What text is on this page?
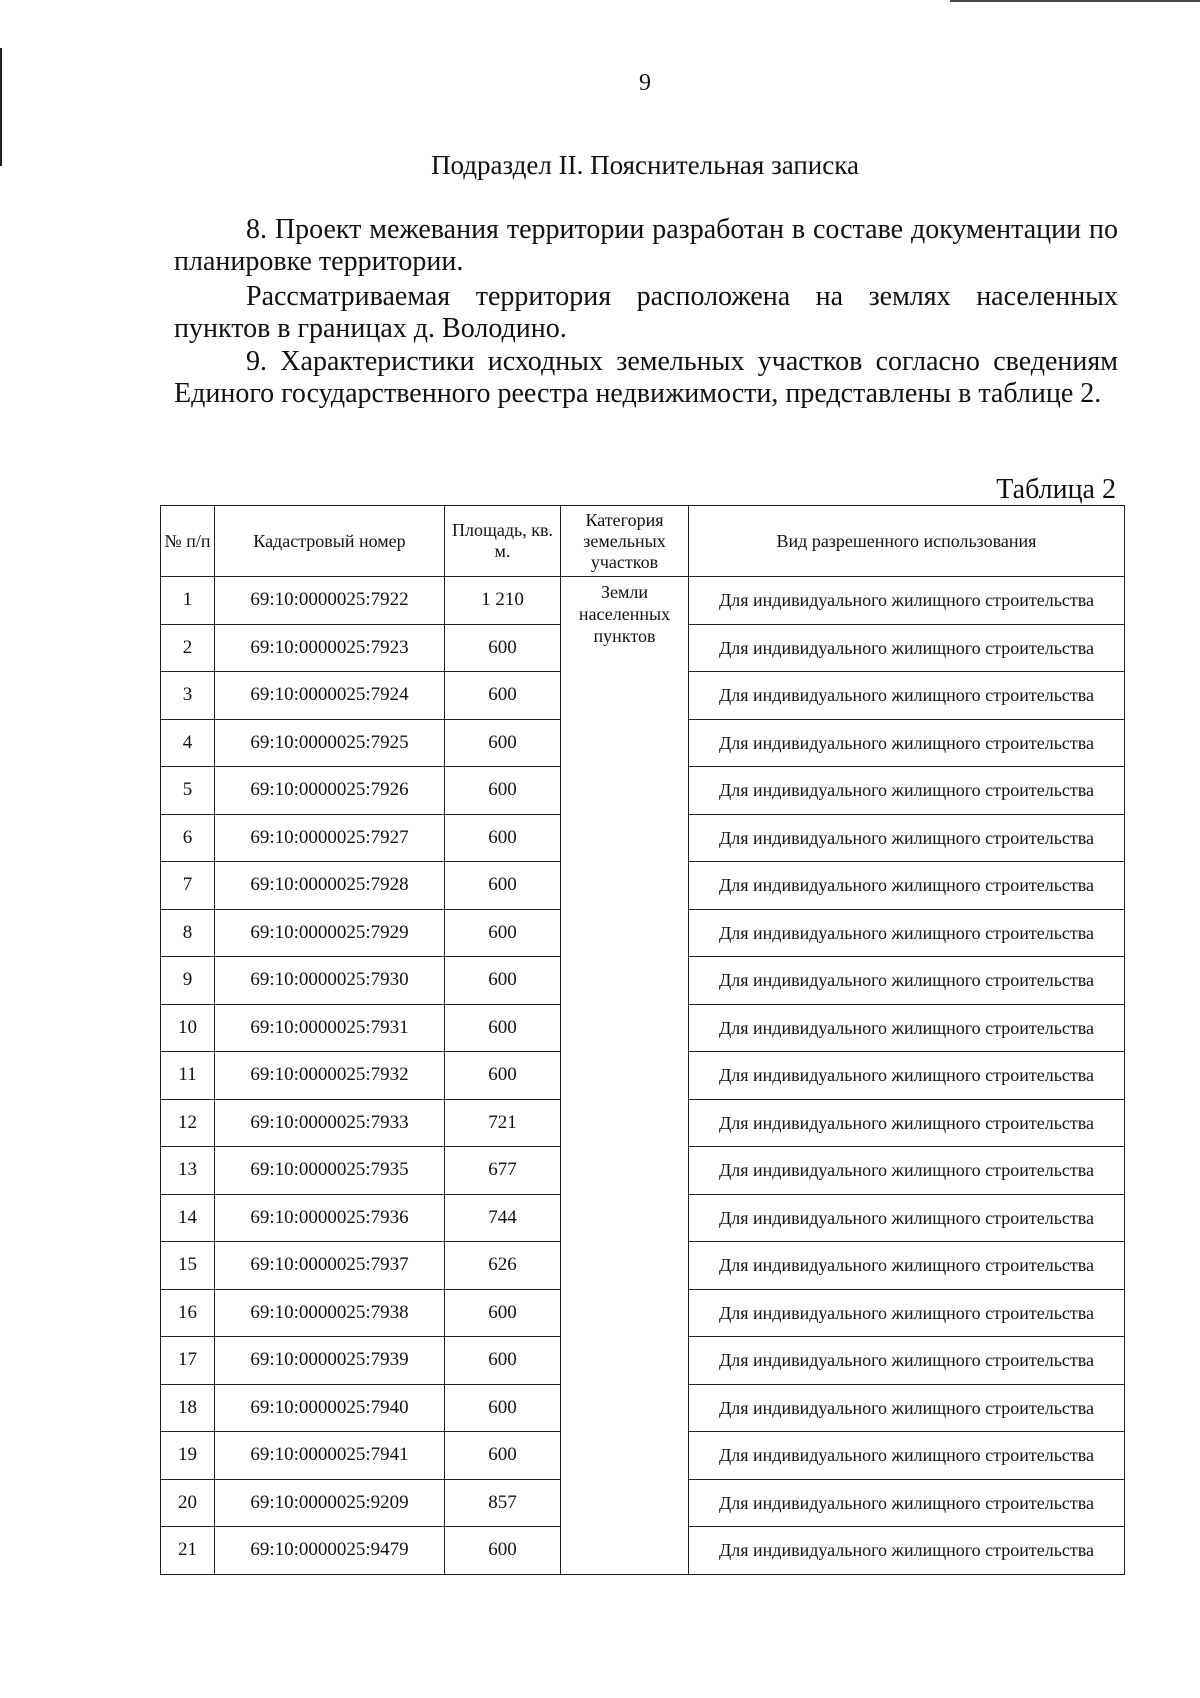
9
Подраздел II. Пояснительная записка

8. Проект межевания территории разработан в составе документации по планировке территории.

Рассматриваемая территория расположена на землях населенных пунктов в границах д. Володино.

9. Характеристики исходных земельных участков согласно сведениям Единого государственного реестра недвижимости, представлены в таблице 2.

Таблица 2
№ п/п	Кадастровый номер	Площадь, кв. м.	Категория земельных участков	Вид разрешенного использования
1	69:10:0000025:7922	1 210	Земли населенных пунктов	Для индивидуального жилищного строительства
2	69:10:0000025:7923	600		Для индивидуального жилищного строительства
3	69:10:0000025:7924	600		Для индивидуального жилищного строительства
4	69:10:0000025:7925	600		Для индивидуального жилищного строительства
5	69:10:0000025:7926	600		Для индивидуального жилищного строительства
6	69:10:0000025:7927	600		Для индивидуального жилищного строительства
7	69:10:0000025:7928	600		Для индивидуального жилищного строительства
8	69:10:0000025:7929	600		Для индивидуального жилищного строительства
9	69:10:0000025:7930	600		Для индивидуального жилищного строительства
10	69:10:0000025:7931	600		Для индивидуального жилищного строительства
11	69:10:0000025:7932	600		Для индивидуального жилищного строительства
12	69:10:0000025:7933	721		Для индивидуального жилищного строительства
13	69:10:0000025:7935	677		Для индивидуального жилищного строительства
14	69:10:0000025:7936	744		Для индивидуального жилищного строительства
15	69:10:0000025:7937	626		Для индивидуального жилищного строительства
16	69:10:0000025:7938	600		Для индивидуального жилищного строительства
17	69:10:0000025:7939	600		Для индивидуального жилищного строительства
18	69:10:0000025:7940	600		Для индивидуального жилищного строительства
19	69:10:0000025:7941	600		Для индивидуального жилищного строительства
20	69:10:0000025:9209	857		Для индивидуального жилищного строительства
21	69:10:0000025:9479	600		Для индивидуального жилищного строительства
